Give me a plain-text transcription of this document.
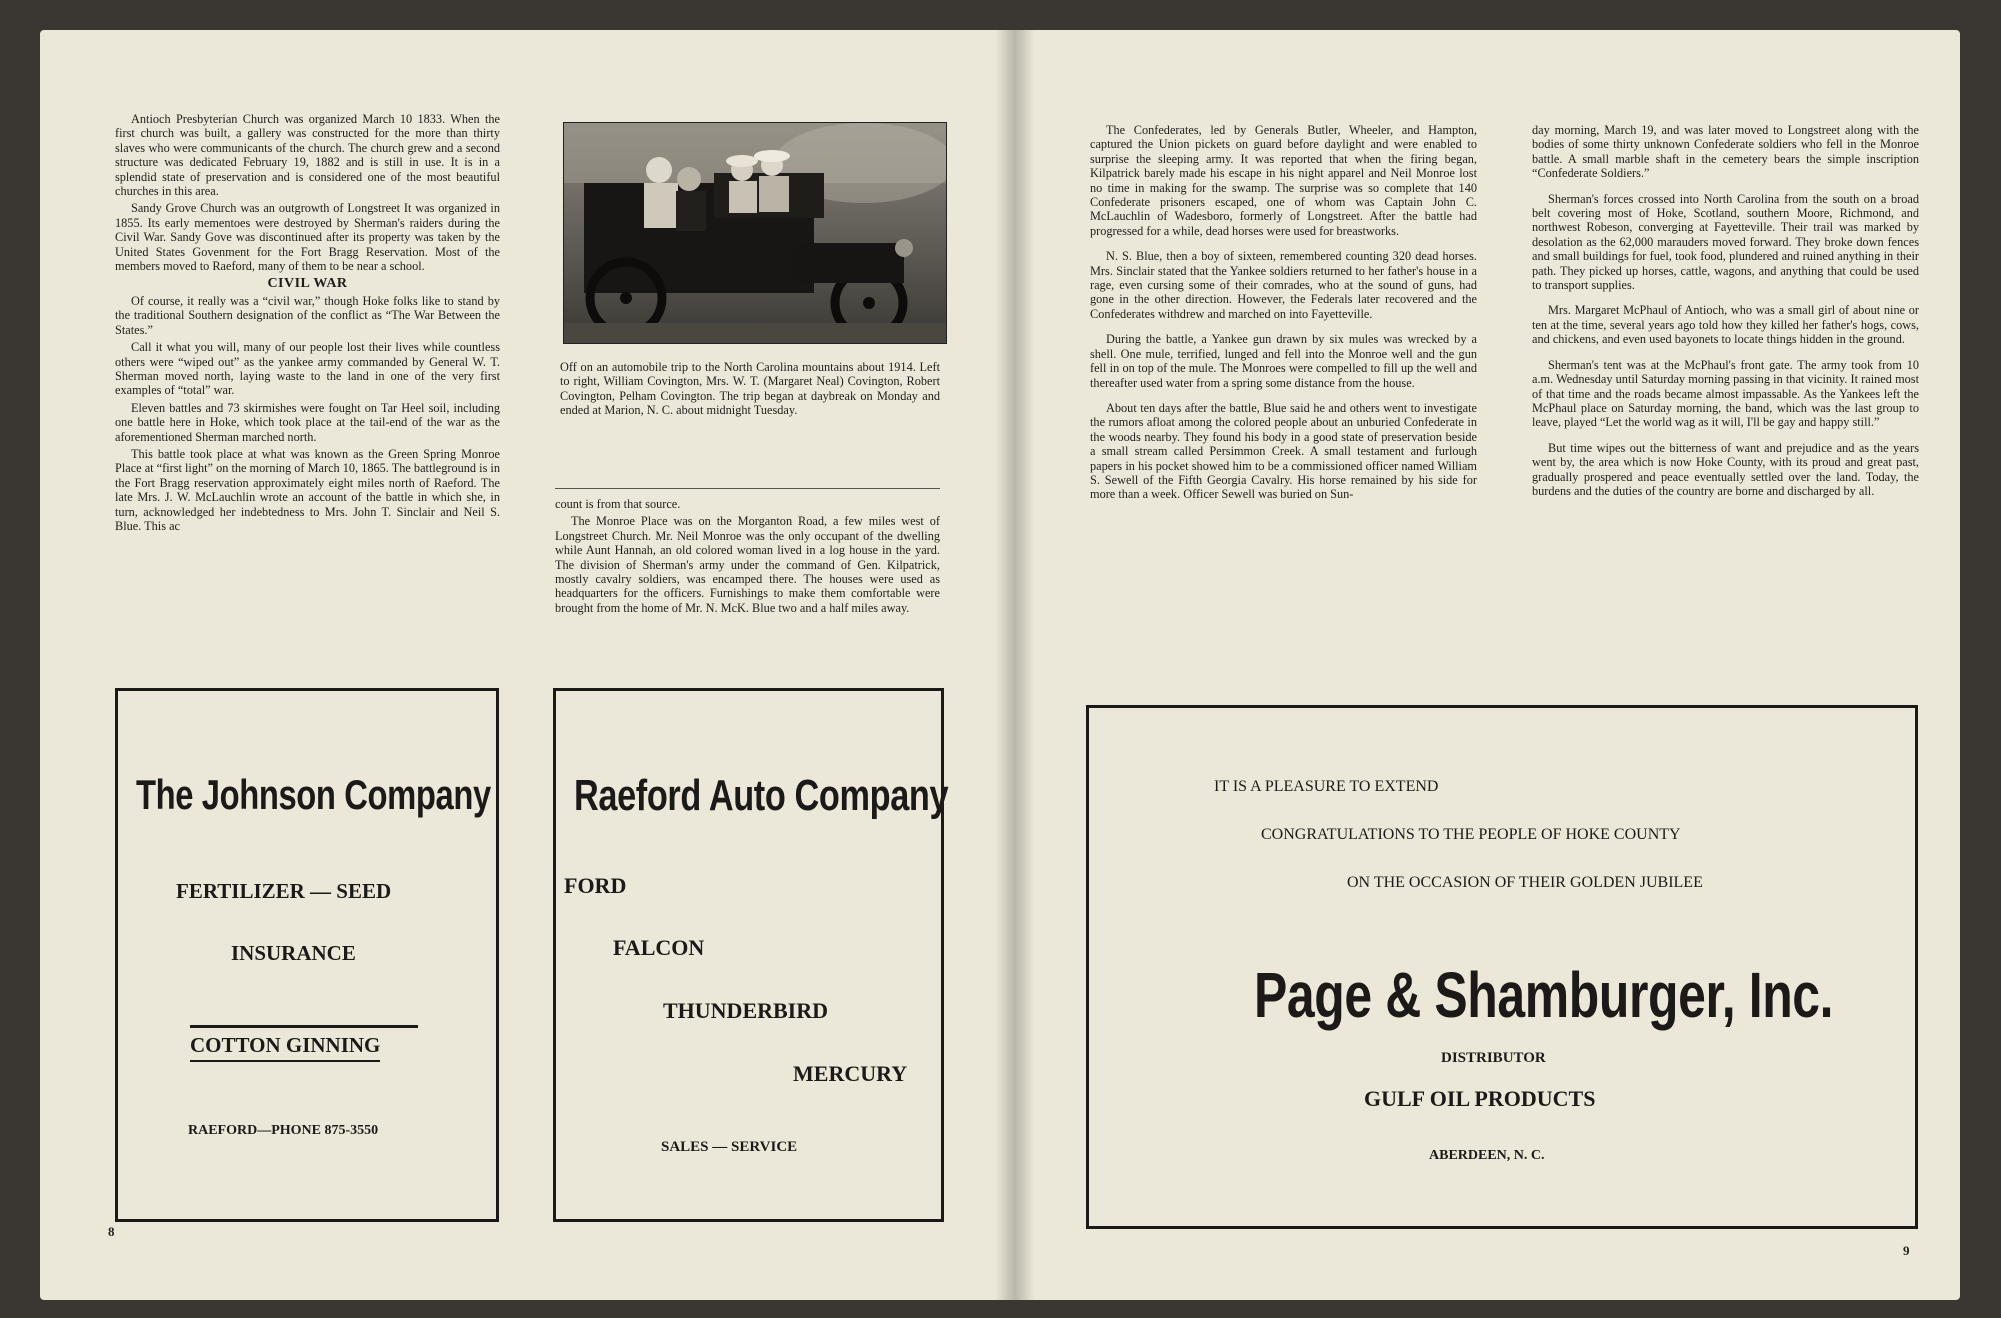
Antioch Presbyterian Church was organized March 10 1833. When the first church was built, a gallery was constructed for the more than thirty slaves who were communicants of the church. The church grew and a second structure was dedicated February 19, 1882 and is still in use. It is in a splendid state of preservation and is considered one of the most beautiful churches in this area.

Sandy Grove Church was an outgrowth of Longstreet It was organized in 1855. Its early mementoes were destroyed by Sherman's raiders during the Civil War. Sandy Gove was discontinued after its property was taken by the United States Govenment for the Fort Bragg Reservation. Most of the members moved to Raeford, many of them to be near a school.

CIVIL WAR

Of course, it really was a “civil war,” though Hoke folks like to stand by the traditional Southern designation of the conflict as “The War Between the States.”

Call it what you will, many of our people lost their lives while countless others were “wiped out” as the yankee army commanded by General W. T. Sherman moved north, laying waste to the land in one of the very first examples of “total” war.

Eleven battles and 73 skirmishes were fought on Tar Heel soil, including one battle here in Hoke, which took place at the tail-end of the war as the aforementioned Sherman marched north.

This battle took place at what was known as the Green Spring Monroe Place at “first light” on the morning of March 10, 1865. The battleground is in the Fort Bragg reservation approximately eight miles north of Raeford. The late Mrs. J. W. McLauchlin wrote an account of the battle in which she, in turn, acknowledged her indebtedness to Mrs. John T. Sinclair and Neil S. Blue. This ac

Off on an automobile trip to the North Carolina mountains about 1914. Left to right, William Covington, Mrs. W. T. (Margaret Neal) Covington, Robert Covington, Pelham Covington. The trip began at daybreak on Monday and ended at Marion, N. C. about midnight Tuesday.

count is from that source.

The Monroe Place was on the Morganton Road, a few miles west of Longstreet Church. Mr. Neil Monroe was the only occupant of the dwelling while Aunt Hannah, an old colored woman lived in a log house in the yard. The division of Sherman's army under the command of Gen. Kilpatrick, mostly cavalry soldiers, was encamped there. The houses were used as headquarters for the officers. Furnishings to make them comfortable were brought from the home of Mr. N. McK. Blue two and a half miles away.

The Johnson Company
FERTILIZER — SEED
INSURANCE
COTTON GINNING
RAEFORD—PHONE 875-3550
Raeford Auto Company
FORD
FALCON
THUNDERBIRD
MERCURY
SALES — SERVICE
8

The Confederates, led by Generals Butler, Wheeler, and Hampton, captured the Union pickets on guard before daylight and were enabled to surprise the sleeping army. It was reported that when the firing began, Kilpatrick barely made his escape in his night apparel and Neil Monroe lost no time in making for the swamp. The surprise was so complete that 140 Confederate prisoners escaped, one of whom was Captain John C. McLauchlin of Wadesboro, formerly of Longstreet. After the battle had progressed for a while, dead horses were used for breastworks.

N. S. Blue, then a boy of sixteen, remembered counting 320 dead horses. Mrs. Sinclair stated that the Yankee soldiers returned to her father's house in a rage, even cursing some of their comrades, who at the sound of guns, had gone in the other direction. However, the Federals later recovered and the Confederates withdrew and marched on into Fayetteville.

During the battle, a Yankee gun drawn by six mules was wrecked by a shell. One mule, terrified, lunged and fell into the Monroe well and the gun fell in on top of the mule. The Monroes were compelled to fill up the well and thereafter used water from a spring some distance from the house.

About ten days after the battle, Blue said he and others went to investigate the rumors afloat among the colored people about an unburied Confederate in the woods nearby. They found his body in a good state of preservation beside a small stream called Persimmon Creek. A small testament and furlough papers in his pocket showed him to be a commissioned officer named William S. Sewell of the Fifth Georgia Cavalry. His horse remained by his side for more than a week. Officer Sewell was buried on Sun-

day morning, March 19, and was later moved to Longstreet along with the bodies of some thirty unknown Confederate soldiers who fell in the Monroe battle. A small marble shaft in the cemetery bears the simple inscription “Confederate Soldiers.”

Sherman's forces crossed into North Carolina from the south on a broad belt covering most of Hoke, Scotland, southern Moore, Richmond, and northwest Robeson, converging at Fayetteville. Their trail was marked by desolation as the 62,000 marauders moved forward. They broke down fences and small buildings for fuel, took food, plundered and ruined anything in their path. They picked up horses, cattle, wagons, and anything that could be used to transport supplies.

Mrs. Margaret McPhaul of Antioch, who was a small girl of about nine or ten at the time, several years ago told how they killed her father's hogs, cows, and chickens, and even used bayonets to locate things hidden in the ground.

Sherman's tent was at the McPhaul's front gate. The army took from 10 a.m. Wednesday until Saturday morning passing in that vicinity. It rained most of that time and the roads became almost impassable. As the Yankees left the McPhaul place on Saturday morning, the band, which was the last group to leave, played “Let the world wag as it will, I'll be gay and happy still.”

But time wipes out the bitterness of want and prejudice and as the years went by, the area which is now Hoke County, with its proud and great past, gradually prospered and peace eventually settled over the land. Today, the burdens and the duties of the country are borne and discharged by all.

IT IS A PLEASURE TO EXTEND
CONGRATULATIONS TO THE PEOPLE OF HOKE COUNTY
ON THE OCCASION OF THEIR GOLDEN JUBILEE
Page & Shamburger, Inc.
DISTRIBUTOR
GULF OIL PRODUCTS
ABERDEEN, N. C.
9
